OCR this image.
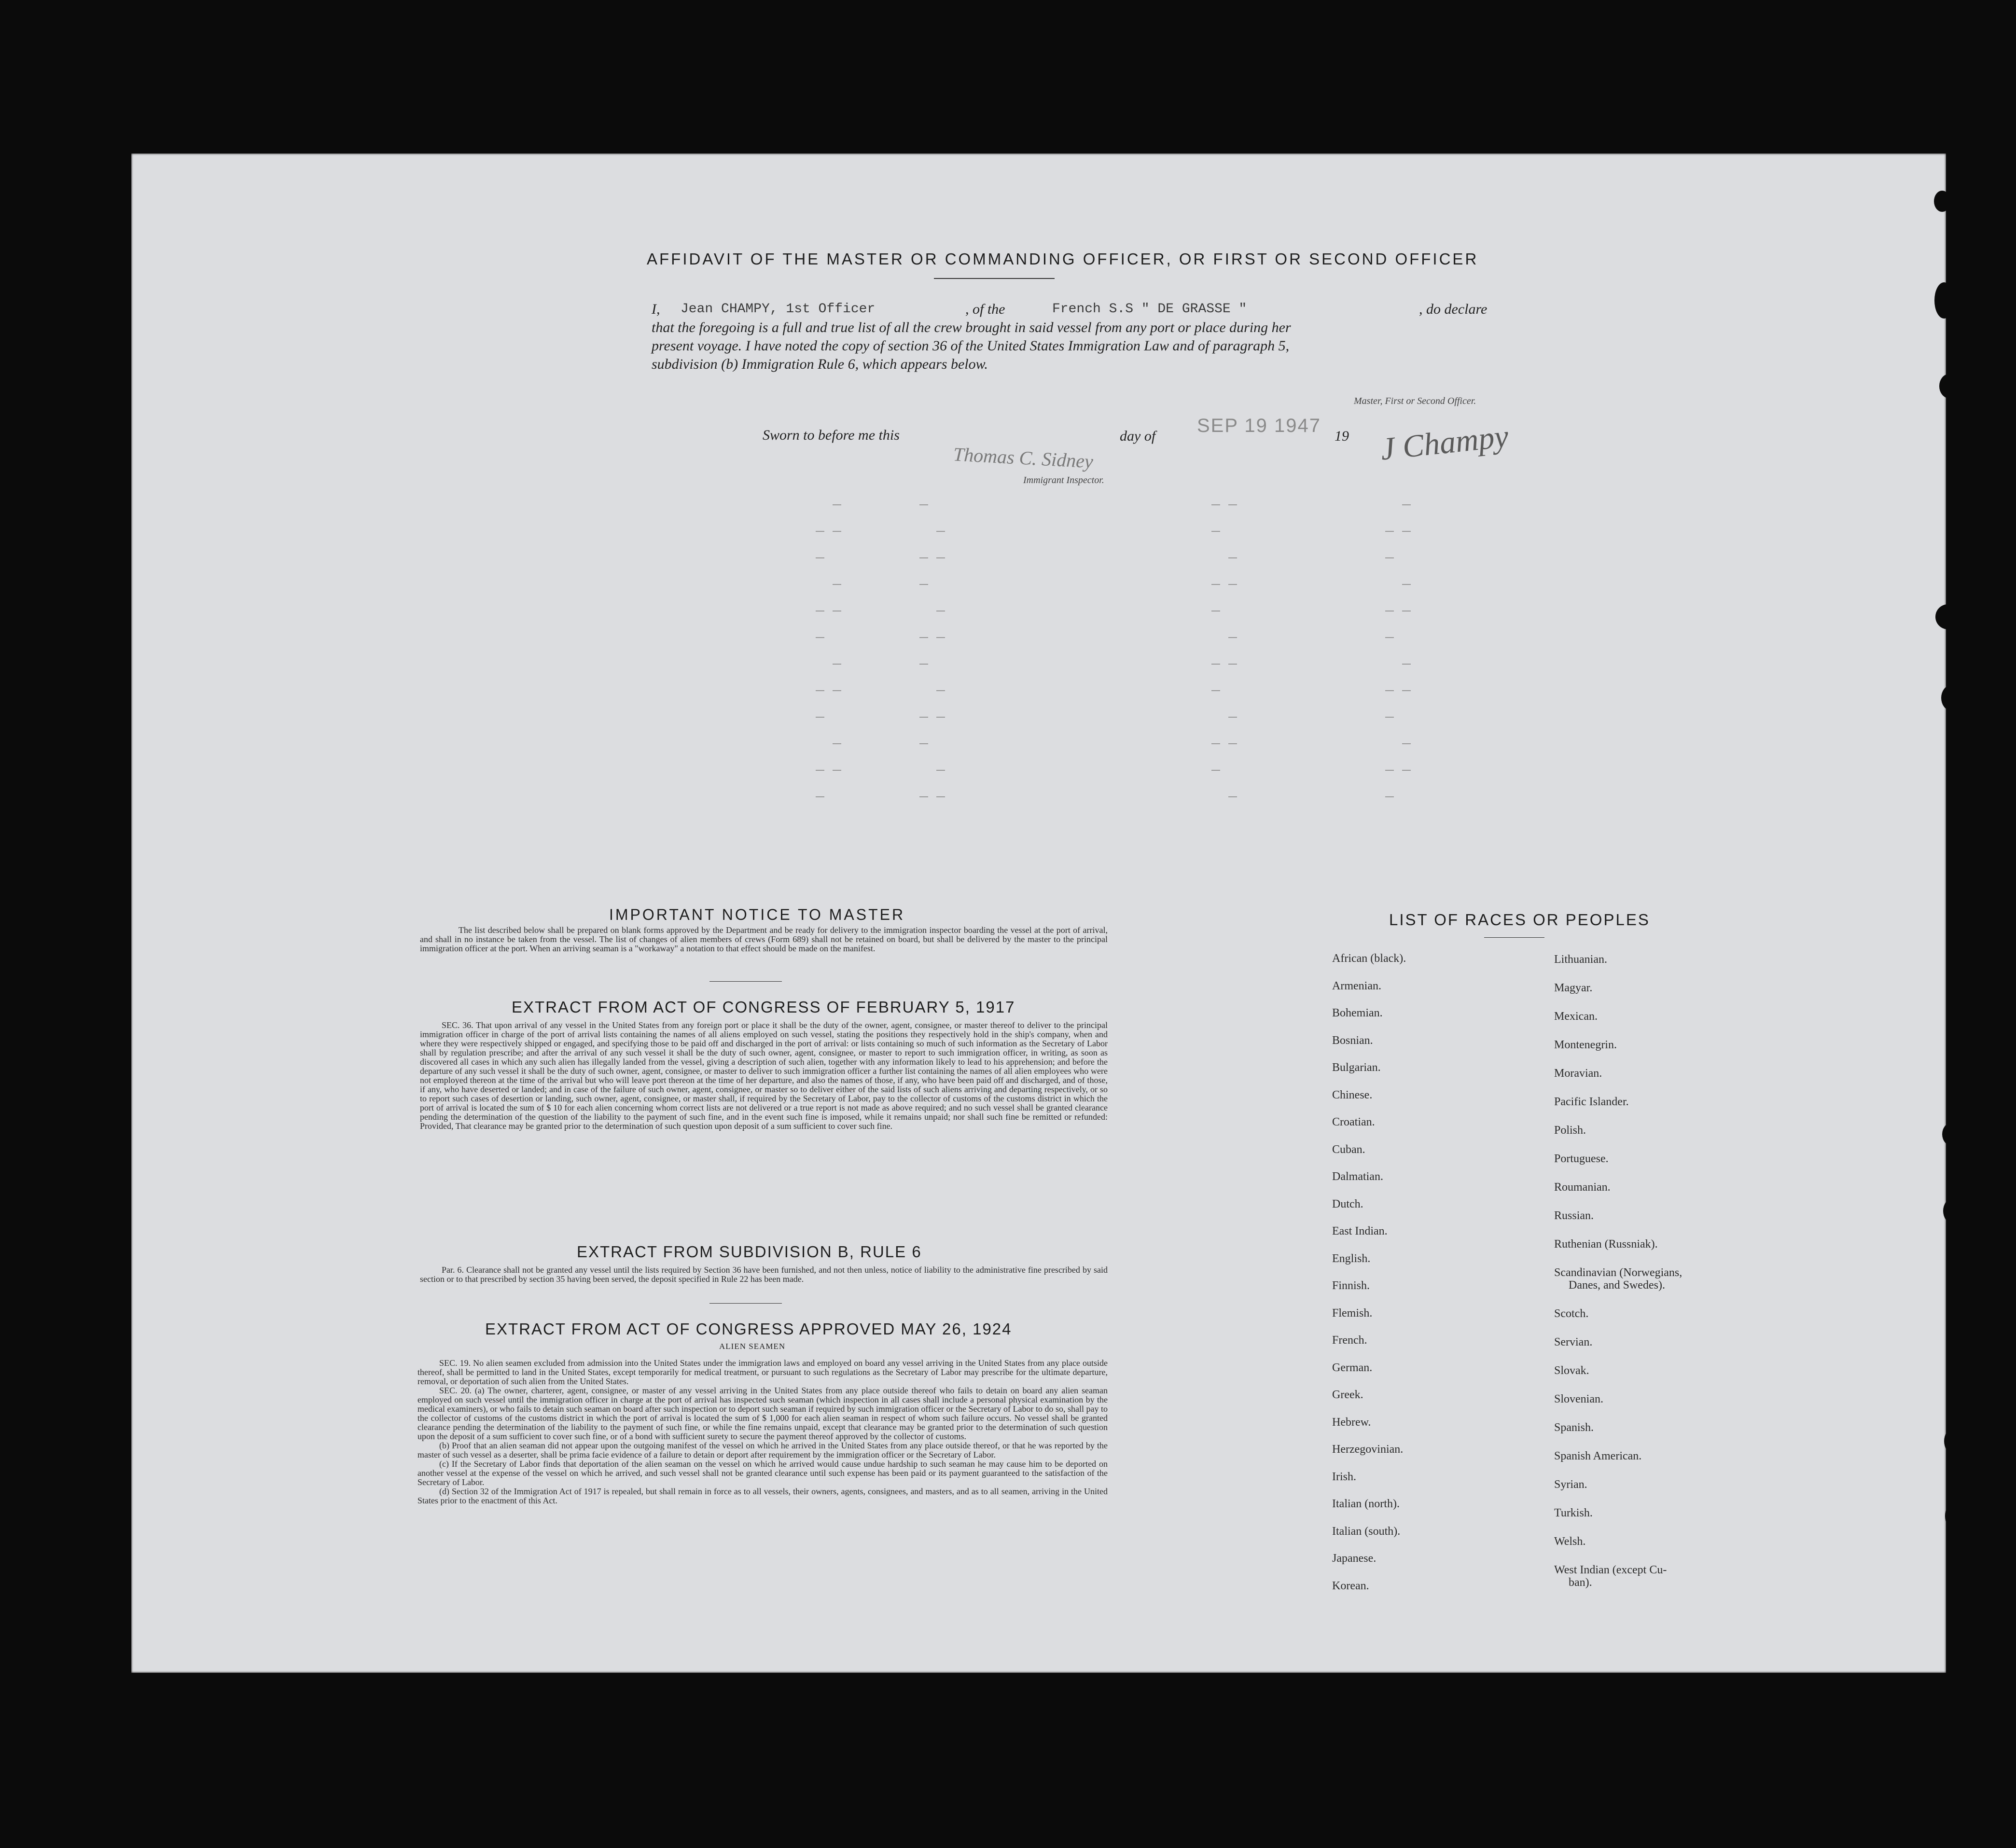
AFFIDAVIT OF THE MASTER OR COMMANDING OFFICER, OR FIRST OR SECOND OFFICER
I, Jean CHAMPY, 1st Officer	, of the	French S.S " DE GRASSE "	, do declare
that the foregoing is a full and true list of all the crew brought in said vessel from any port or place during her
present voyage. I have noted the copy of section 36 of the United States Immigration Law and of paragraph 5,
subdivision (b) Immigration Rule 6, which appears below.
Master, First or Second Officer.
Sworn to before me this	day of SEP 19 1947 19
Thomas C. Sidney
Immigrant Inspector.
J Champy
IMPORTANT NOTICE TO MASTER
The list described below shall be prepared on blank forms approved by the Department and be ready for delivery to the immigration inspector boarding the vessel at the port of arrival, and shall in no instance be taken from the vessel. The list of changes of alien members of crews (Form 689) shall not be retained on board, but shall be delivered by the master to the principal immigration officer at the port. When an arriving seaman is a "workaway" a notation to that effect should be made on the manifest.
EXTRACT FROM ACT OF CONGRESS OF FEBRUARY 5, 1917
SEC. 36. That upon arrival of any vessel in the United States from any foreign port or place it shall be the duty of the owner, agent, consignee, or master thereof to deliver to the principal immigration officer in charge of the port of arrival lists containing the names of all aliens employed on such vessel, stating the positions they respectively hold in the ship's company, when and where they were respectively shipped or engaged, and specifying those to be paid off and discharged in the port of arrival: or lists containing so much of such information as the Secretary of Labor shall by regulation prescribe; and after the arrival of any such vessel it shall be the duty of such owner, agent, consignee, or master to report to such immigration officer, in writing, as soon as discovered all cases in which any such alien has illegally landed from the vessel, giving a description of such alien, together with any information likely to lead to his apprehension; and before the departure of any such vessel it shall be the duty of such owner, agent, consignee, or master to deliver to such immigration officer a further list containing the names of all alien employees who were not employed thereon at the time of the arrival but who will leave port thereon at the time of her departure, and also the names of those, if any, who have been paid off and discharged, and of those, if any, who have deserted or landed; and in case of the failure of such owner, agent, consignee, or master so to deliver either of the said lists of such aliens arriving and departing respectively, or so to report such cases of desertion or landing, such owner, agent, consignee, or master shall, if required by the Secretary of Labor, pay to the collector of customs of the customs district in which the port of arrival is located the sum of $ 10 for each alien concerning whom correct lists are not delivered or a true report is not made as above required; and no such vessel shall be granted clearance pending the determination of the question of the liability to the payment of such fine, and in the event such fine is imposed, while it remains unpaid; nor shall such fine be remitted or refunded: Provided, That clearance may be granted prior to the determination of such question upon deposit of a sum sufficient to cover such fine.
EXTRACT FROM SUBDIVISION B, RULE 6
Par. 6. Clearance shall not be granted any vessel until the lists required by Section 36 have been furnished, and not then unless, notice of liability to the administrative fine prescribed by said section or to that prescribed by section 35 having been served, the deposit specified in Rule 22 has been made.
EXTRACT FROM ACT OF CONGRESS APPROVED MAY 26, 1924
ALIEN SEAMEN
SEC. 19. No alien seamen excluded from admission into the United States under the immigration laws and employed on board any vessel arriving in the United States from any place outside thereof, shall be permitted to land in the United States, except temporarily for medical treatment, or pursuant to such regulations as the Secretary of Labor may prescribe for the ultimate departure, removal, or deportation of such alien from the United States.
SEC. 20. (a) The owner, charterer, agent, consignee, or master of any vessel arriving in the United States from any place outside thereof who fails to detain on board any alien seaman employed on such vessel until the immigration officer in charge at the port of arrival has inspected such seaman (which inspection in all cases shall include a personal physical examination by the medical examiners), or who fails to detain such seaman on board after such inspection or to deport such seaman if required by such immigration officer or the Secretary of Labor to do so, shall pay to the collector of customs of the customs district in which the port of arrival is located the sum of $ 1,000 for each alien seaman in respect of whom such failure occurs. No vessel shall be granted clearance pending the determination of the liability to the payment of such fine, or while the fine remains unpaid, except that clearance may be granted prior to the determination of such question upon the deposit of a sum sufficient to cover such fine, or of a bond with sufficient surety to secure the payment thereof approved by the collector of customs.
(b) Proof that an alien seaman did not appear upon the outgoing manifest of the vessel on which he arrived in the United States from any place outside thereof, or that he was reported by the master of such vessel as a deserter, shall be prima facie evidence of a failure to detain or deport after requirement by the immigration officer or the Secretary of Labor.
(c) If the Secretary of Labor finds that deportation of the alien seaman on the vessel on which he arrived would cause undue hardship to such seaman he may cause him to be deported on another vessel at the expense of the vessel on which he arrived, and such vessel shall not be granted clearance until such expense has been paid or its payment guaranteed to the satisfaction of the Secretary of Labor.
(d) Section 32 of the Immigration Act of 1917 is repealed, but shall remain in force as to all vessels, their owners, agents, consignees, and masters, and as to all seamen, arriving in the United States prior to the enactment of this Act.
LIST OF RACES OR PEOPLES
African (black).
Armenian.
Bohemian.
Bosnian.
Bulgarian.
Chinese.
Croatian.
Cuban.
Dalmatian.
Dutch.
East Indian.
English.
Finnish.
Flemish.
French.
German.
Greek.
Hebrew.
Herzegovinian.
Irish.
Italian (north).
Italian (south).
Japanese.
Korean.
Lithuanian.
Magyar.
Mexican.
Montenegrin.
Moravian.
Pacific Islander.
Polish.
Portuguese.
Roumanian.
Russian.
Ruthenian (Russniak).
Scandinavian (Norwegians,
Danes, and Swedes).
Scotch.
Servian.
Slovak.
Slovenian.
Spanish.
Spanish American.
Syrian.
Turkish.
Welsh.
West Indian (except Cu-
ban).
